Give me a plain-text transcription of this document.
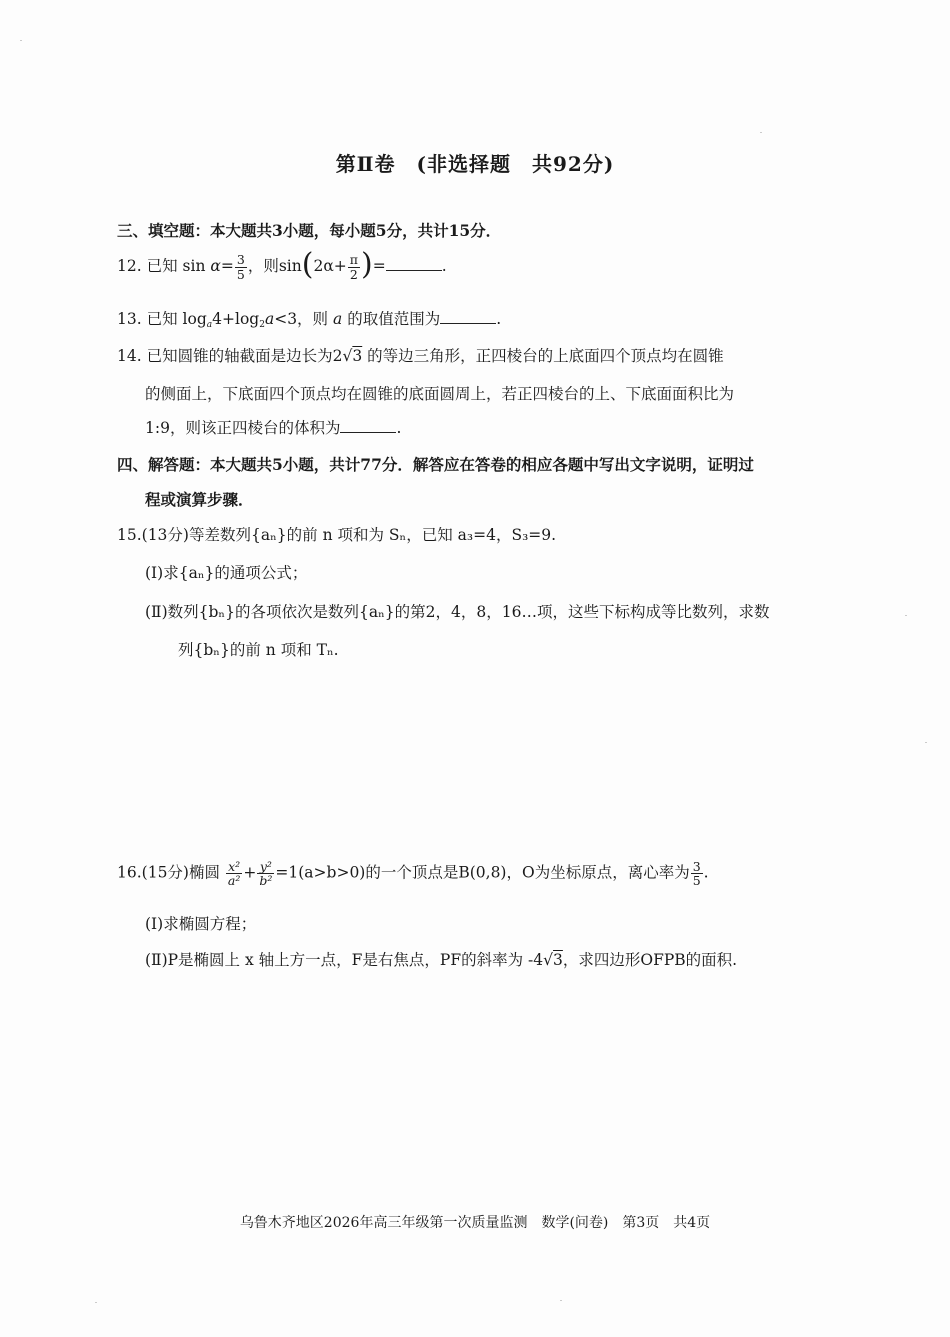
第Ⅱ卷　(非选择题　共92分)
三、填空题：本大题共3小题，每小题5分，共计15分．
12. 已知 $\sin \alpha= \frac{3}{5}$ ，则$\sin(2\alpha+ \frac{\pi}{2}$ )=	.
13. 已知 $\log_a4+\log_2a<3$，则 a 的取值范围为	.
14. 已知圆锥的轴截面是边长为2√3 的等边三角形，正四棱台的上底面四个顶点均在圆锥
的侧面上，下底面四个顶点均在圆锥的底面圆周上，若正四棱台的上、下底面面积比为
1:9，则该正四棱台的体积为	.
四、解答题：本大题共5小题，共计77分．解答应在答卷的相应各题中写出文字说明，证明过
程或演算步骤．
15.(13分)等差数列{aₙ}的前 n 项和为 Sₙ，已知 a₃=4，S₃=9.
(Ⅰ)求{aₙ}的通项公式；
(Ⅱ)数列{bₙ}的各项依次是数列{aₙ}的第2，4，8，16…项，这些下标构成等比数列，求数
列{bₙ}的前 n 项和 Tₙ.
16.(15分)椭圆 $\frac{\text{x²}}{\text{a²}} + \frac{\text{y²}}{\text{b²}} =1(a>b>0)$的一个顶点是B(0,8)，O为坐标原点，离心率为 $\frac{3}{5}$ .
(Ⅰ)求椭圆方程；
(Ⅱ)P是椭圆上 x 轴上方一点，F是右焦点，PF的斜率为 -4√3，求四边形OFPB的面积.
乌鲁木齐地区2026年高三年级第一次质量监测　数学(问卷)　第3页　共4页
